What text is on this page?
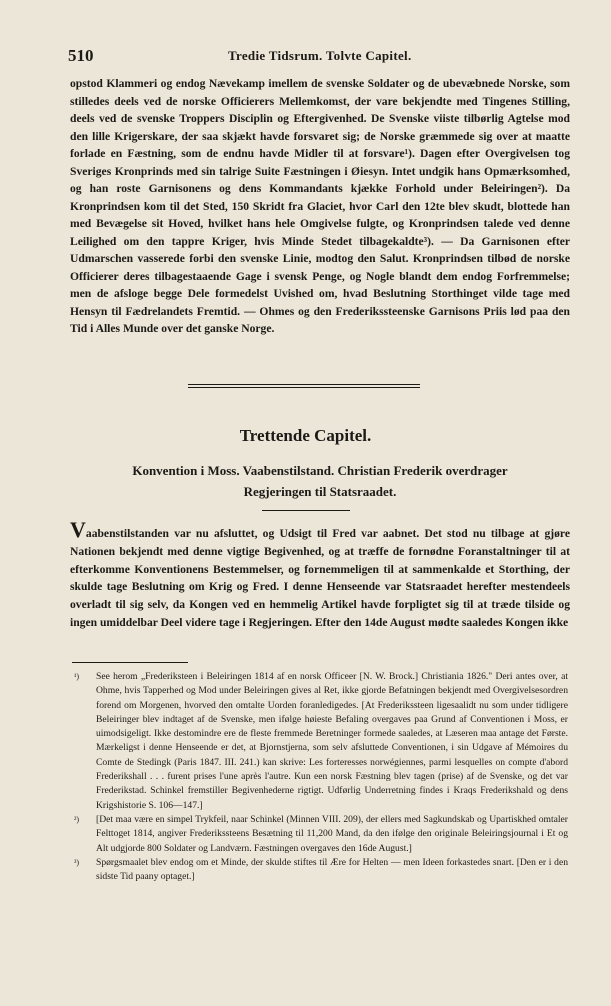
510	Tredie Tidsrum. Tolvte Capitel.
opstod Klammeri og endog Nævekamp imellem de svenske Soldater og de ubevæbnede Norske, som stilledes deels ved de norske Officierers Mellemkomst, der vare bekjendte med Tingenes Stilling, deels ved de svenske Troppers Disciplin og Eftergivenhed. De Svenske viiste tilbørlig Agtelse mod den lille Krigerskare, der saa skjækt havde forsvaret sig; de Norske græmmede sig over at maatte forlade en Fæstning, som de endnu havde Midler til at forsvare¹). Dagen efter Overgivelsen tog Sveriges Kronprinds med sin talrige Suite Fæstningen i Øiesyn. Intet undgik hans Opmærksomhed, og han roste Garnisonens og dens Kommandants kjække Forhold under Beleiringen²). Da Kronprindsen kom til det Sted, 150 Skridt fra Glaciet, hvor Carl den 12te blev skudt, blottede han med Bevægelse sit Hoved, hvilket hans hele Omgivelse fulgte, og Kronprindsen talede ved denne Leilighed om den tappre Kriger, hvis Minde Stedet tilbagekaldte³). — Da Garnisonen efter Udmarschen vasserede forbi den svenske Linie, modtog den Salut. Kronprindsen tilbød de norske Officierer deres tilbagestaaende Gage i svensk Penge, og Nogle blandt dem endog Forfremmelse; men de afsloge begge Dele formedelst Uvished om, hvad Beslutning Storthinget vilde tage med Hensyn til Fædrelandets Fremtid. — Ohmes og den Frederikssteenske Garnisons Priis lød paa den Tid i Alles Munde over det ganske Norge.
Trettende Capitel.
Konvention i Moss. Vaabenstilstand. Christian Frederik overdrager
Regjeringen til Statsraadet.
Vaabenstilstanden var nu afsluttet, og Udsigt til Fred var aabnet. Det stod nu tilbage at gjøre Nationen bekjendt med denne vigtige Begivenhed, og at træffe de fornødne Foranstaltninger til at efterkomme Konventionens Bestemmelser, og fornemmeligen til at sammenkalde et Storthing, der skulde tage Beslutning om Krig og Fred. I denne Henseende var Statsraadet herefter mestendeels overladt til sig selv, da Kongen ved en hemmelig Artikel havde forpligtet sig til at træde tilside og ingen umiddelbar Deel videre tage i Regjeringen. Efter den 14de August mødte saaledes Kongen ikke
¹) See herom „Frederiksteen i Beleiringen 1814 af en norsk Officeer [N. W. Brock.] Christiania 1826." Deri antes over, at Ohme, hvis Tapperhed og Mod under Beleiringen gives al Ret, ikke gjorde Befatningen bekjendt med Overgivelsesordren forend om Morgenen, hvorved den omtalte Uorden foranledigedes. [At Frederikssteen ligesaalidt nu som under tidligere Beleiringer blev indtaget af de Svenske, men ifølge høieste Befaling overgaves paa Grund af Conventionen i Moss, er uimodsigeligt. Ikke destomindre ere de fleste fremmede Beretninger formede saaledes, at Læseren maa antage det Første. Mærkeligst i denne Henseende er det, at Bjornstjerna, som selv afsluttede Conventionen, i sin Udgave af Mémoires du Comte de Stedingk (Paris 1847. III. 241.) kan skrive: Les forteresses norwégiennes, parmi lesquelles on compte d'abord Frederikshall . . . furent prises l'une après l'autre. Kun een norsk Fæstning blev tagen (prise) af de Svenske, og det var Frederikstad. Schinkel fremstiller Begivenhederne rigtigt. Udførlig Underretning findes i Kraqs Frederikshald og dens Krigshistorie S. 106—147.]
²) [Det maa være en simpel Trykfeil, naar Schinkel (Minnen VIII. 209), der ellers med Sagkundskab og Upartiskhed omtaler Felttoget 1814, angiver Frederikssteens Besætning til 11,200 Mand, da den ifølge den originale Beleiringsjournal i Et og Alt udgjorde 800 Soldater og Landværn. Fæstningen overgaves den 16de August.]
³) Spørgsmaalet blev endog om et Minde, der skulde stiftes til Ære for Helten — men Ideen forkastedes snart. [Den er i den sidste Tid paany optaget.]
